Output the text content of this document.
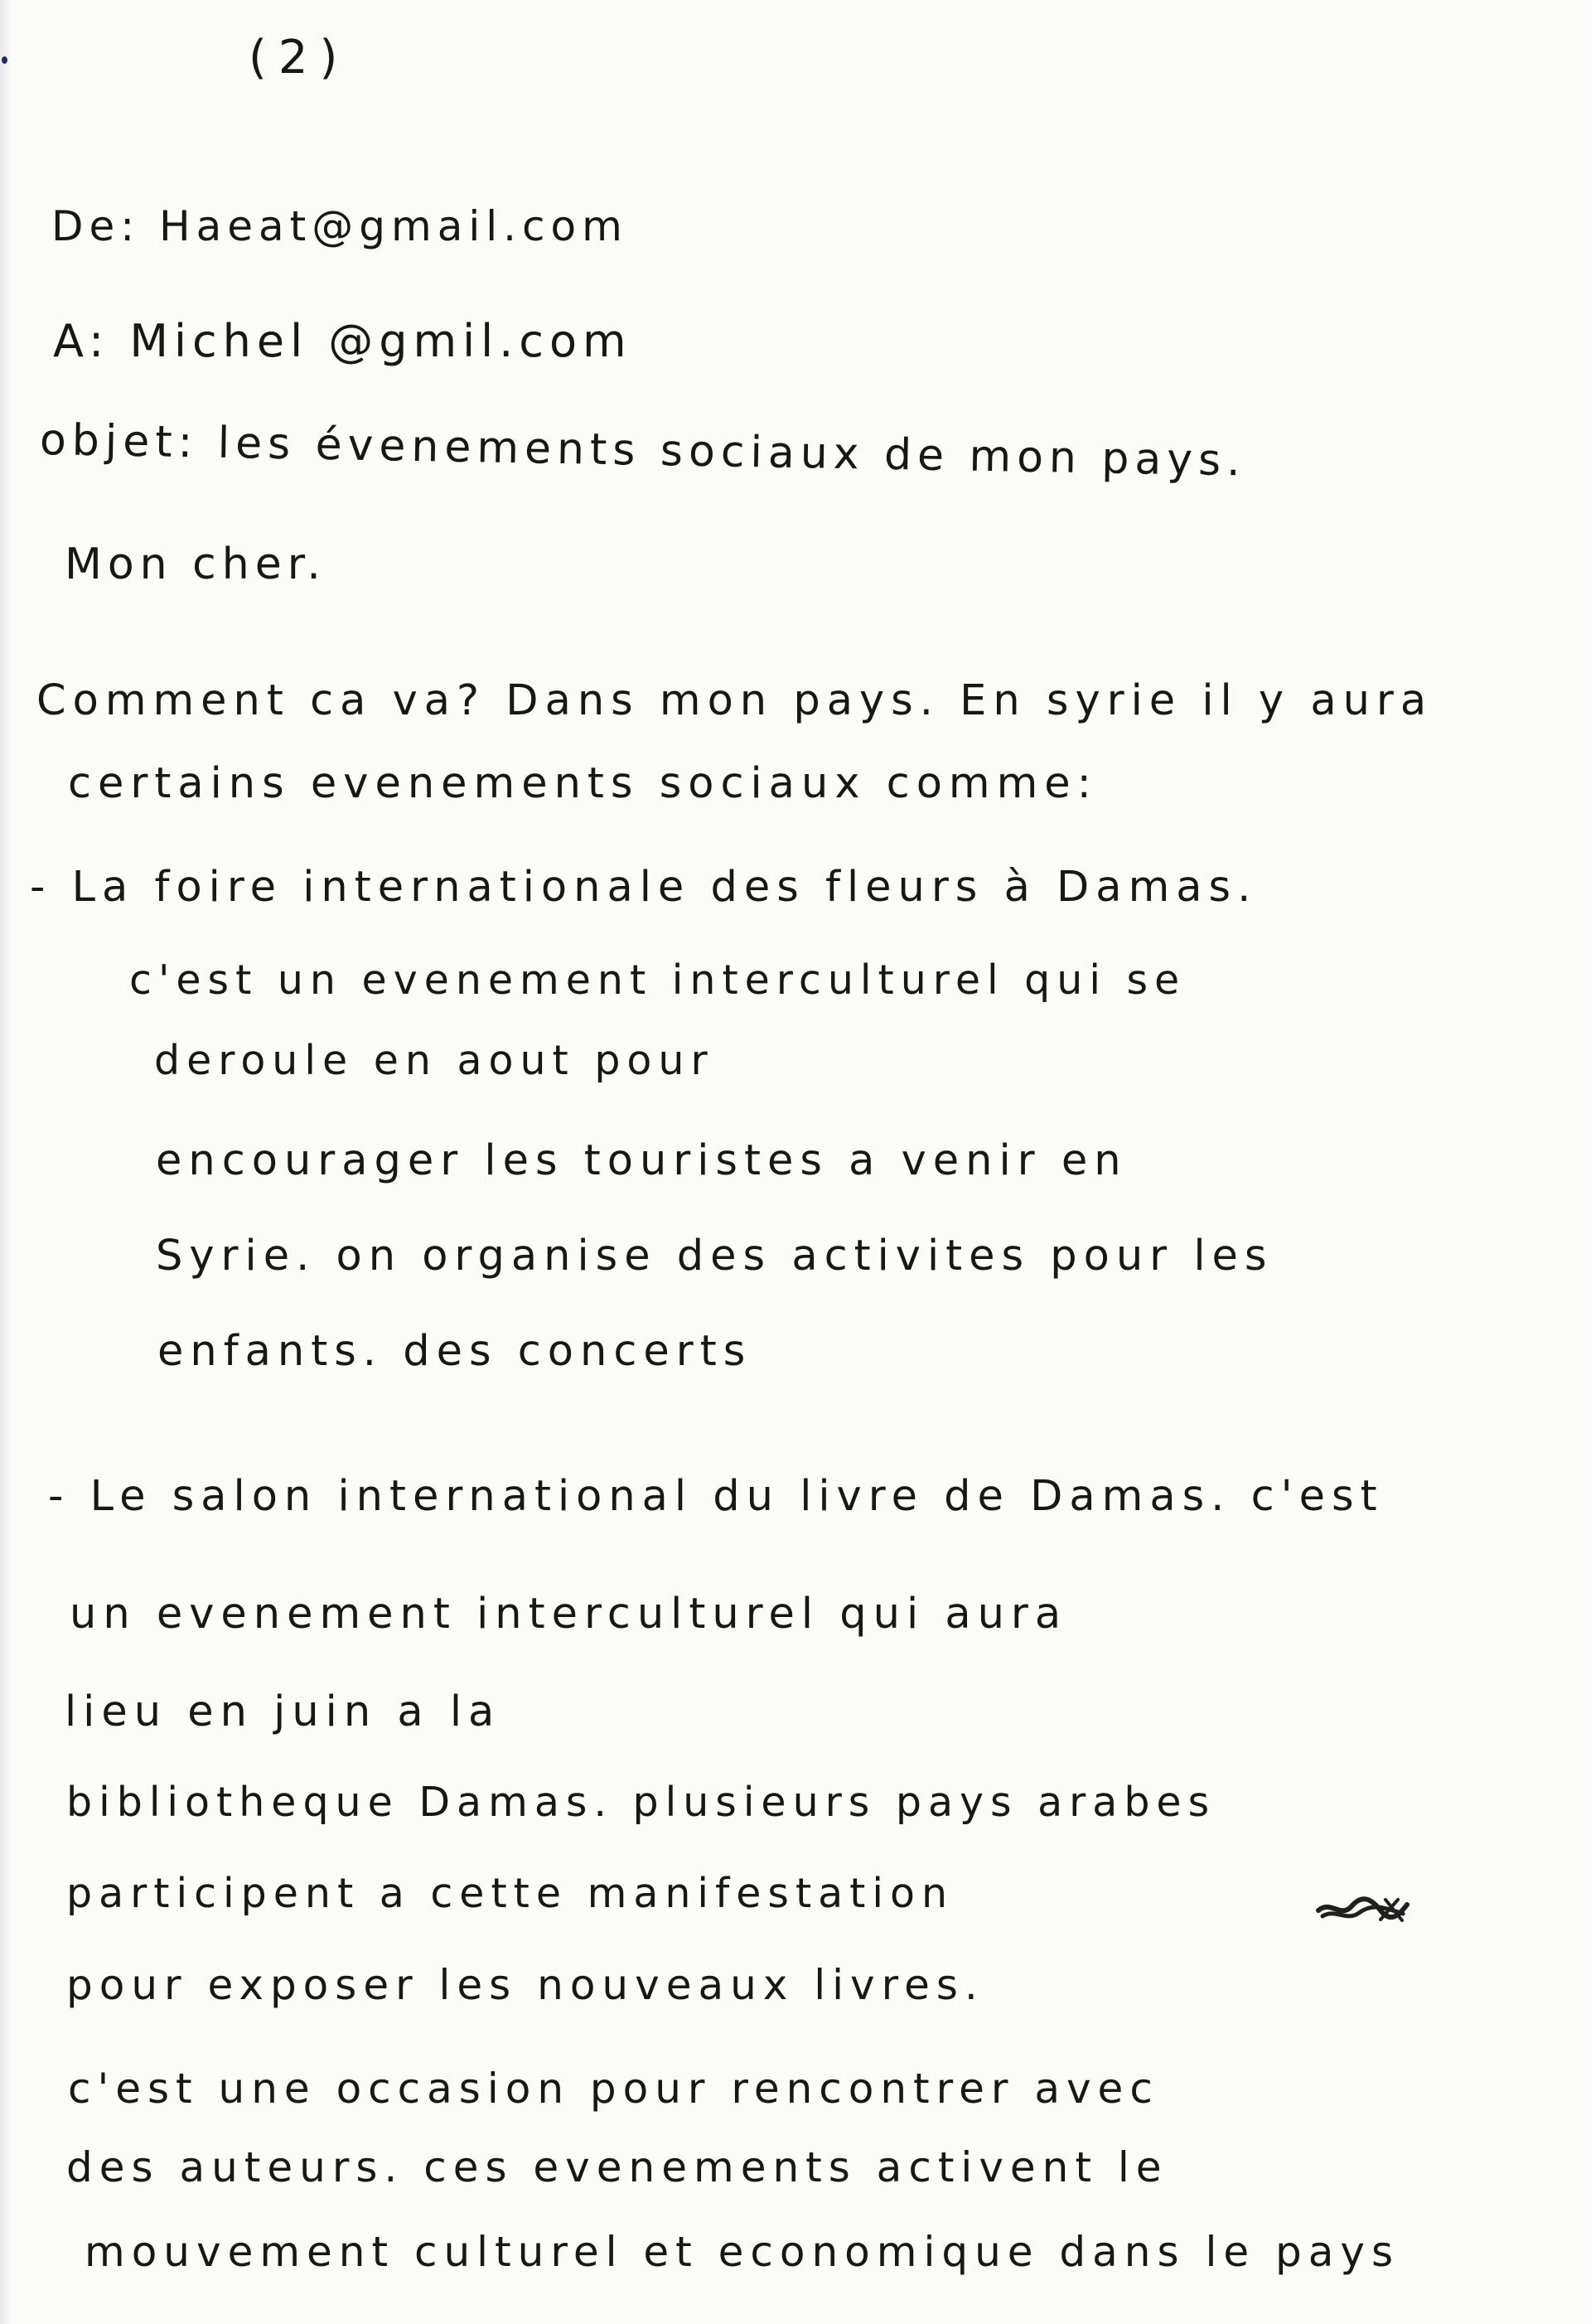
(2)
De: Haeat@gmail.com
A: Michel @gmil.com
objet: les évenements sociaux de mon pays.
Mon cher.
Comment ca va? Dans mon pays. En syrie il y aura
certains evenements sociaux comme:
- La foire internationale des fleurs à Damas.
c'est un evenement interculturel qui se
deroule en aout pour
encourager les touristes a venir en
Syrie. on organise des activites pour les
enfants. des concerts
- Le salon international du livre de Damas. c'est
un evenement interculturel qui aura
lieu en juin a la
bibliotheque Damas. plusieurs pays arabes
participent a cette manifestation
pour exposer les nouveaux livres.
c'est une occasion pour rencontrer avec
des auteurs. ces evenements activent le
mouvement culturel et economique dans le pays
